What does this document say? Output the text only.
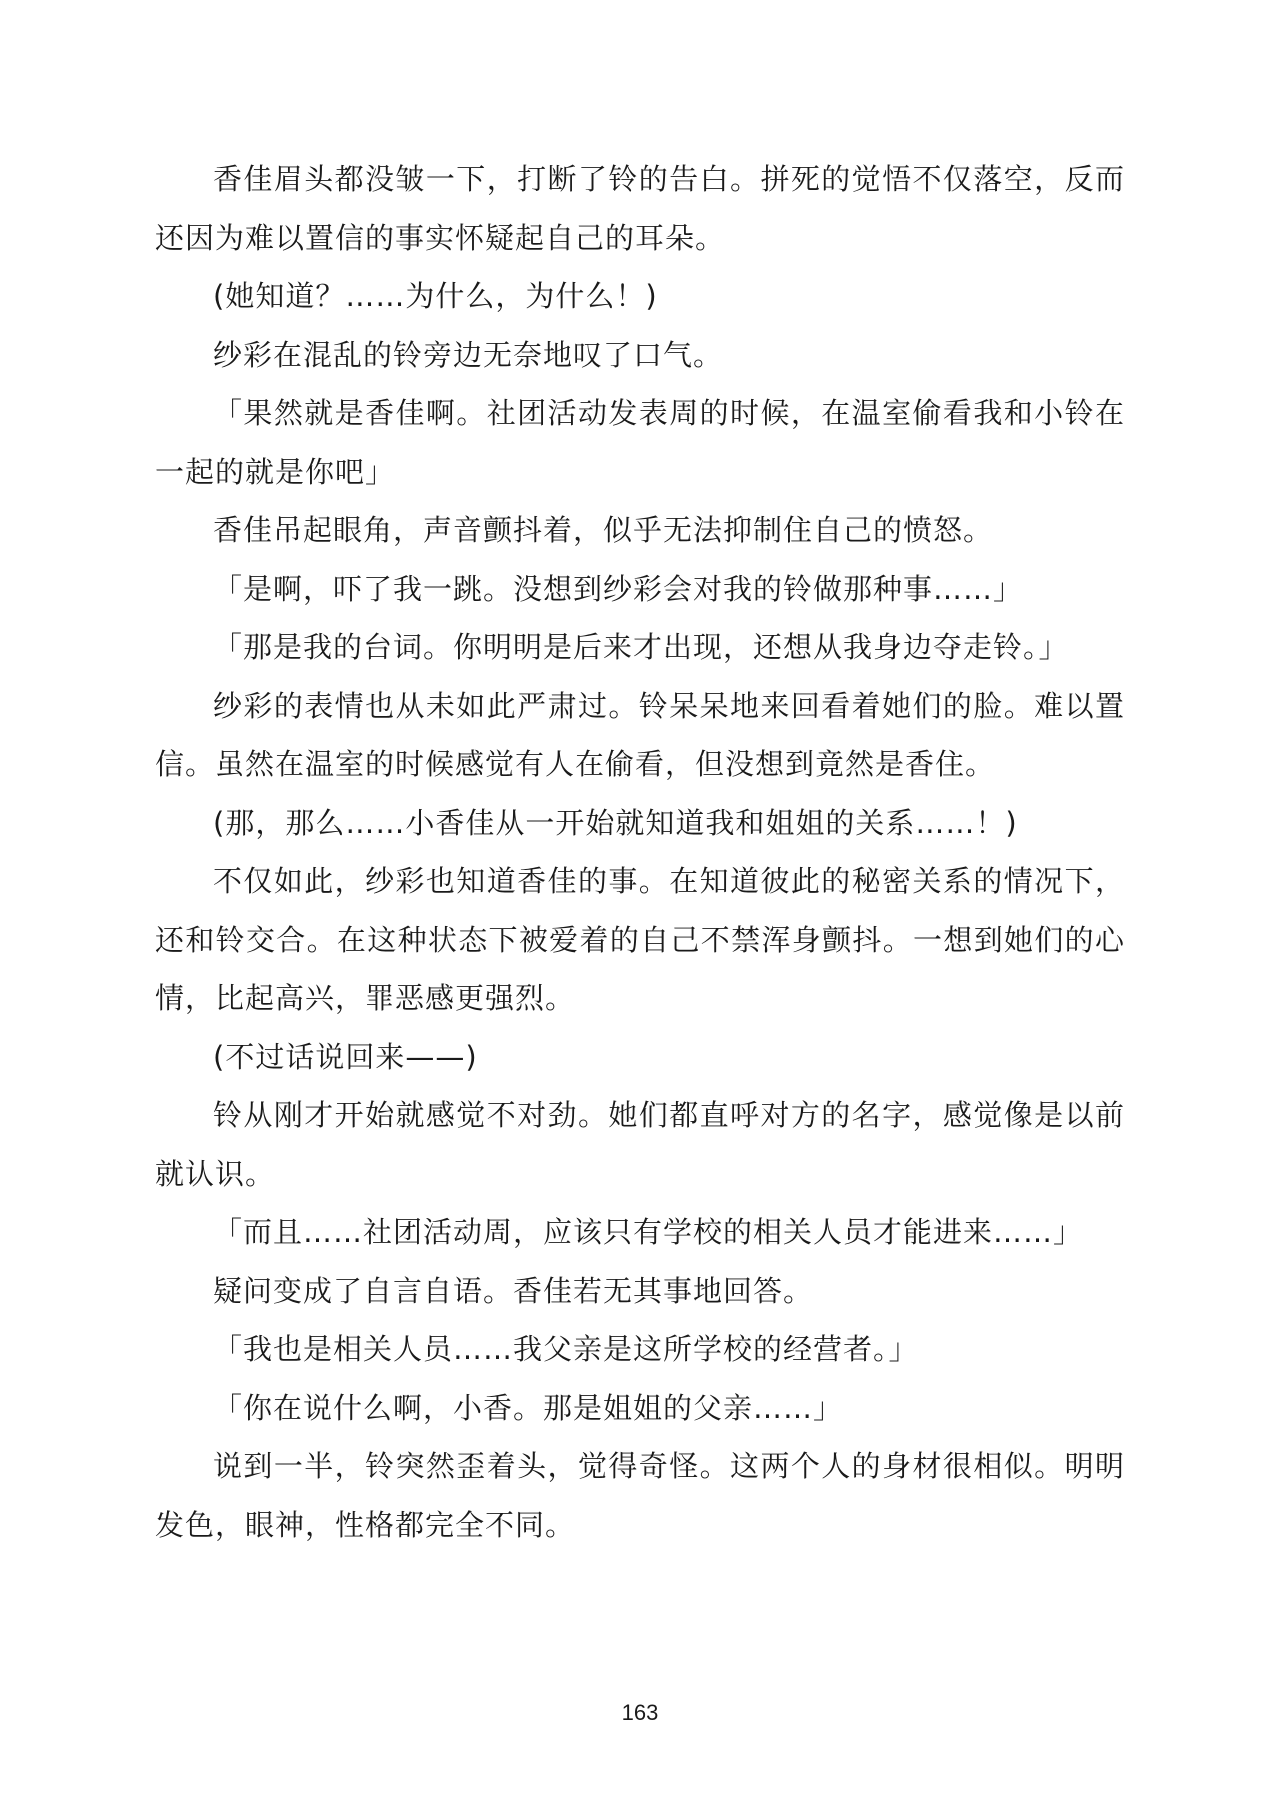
香佳眉头都没皱一下，打断了铃的告白。拼死的觉悟不仅落空，反而还因为难以置信的事实怀疑起自己的耳朵。

(她知道？……为什么，为什么！)

纱彩在混乱的铃旁边无奈地叹了口气。

「果然就是香佳啊。社团活动发表周的时候，在温室偷看我和小铃在一起的就是你吧」

香佳吊起眼角，声音颤抖着，似乎无法抑制住自己的愤怒。

「是啊，吓了我一跳。没想到纱彩会对我的铃做那种事……」

「那是我的台词。你明明是后来才出现，还想从我身边夺走铃。」

纱彩的表情也从未如此严肃过。铃呆呆地来回看着她们的脸。难以置信。虽然在温室的时候感觉有人在偷看，但没想到竟然是香住。

(那，那么……小香佳从一开始就知道我和姐姐的关系……！)

不仅如此，纱彩也知道香佳的事。在知道彼此的秘密关系的情况下，还和铃交合。在这种状态下被爱着的自己不禁浑身颤抖。一想到她们的心情，比起高兴，罪恶感更强烈。

(不过话说回来——)

铃从刚才开始就感觉不对劲。她们都直呼对方的名字，感觉像是以前就认识。

「而且……社团活动周，应该只有学校的相关人员才能进来……」

疑问变成了自言自语。香佳若无其事地回答。

「我也是相关人员……我父亲是这所学校的经营者。」

「你在说什么啊，小香。那是姐姐的父亲……」

说到一半，铃突然歪着头，觉得奇怪。这两个人的身材很相似。明明发色，眼神，性格都完全不同。

163
